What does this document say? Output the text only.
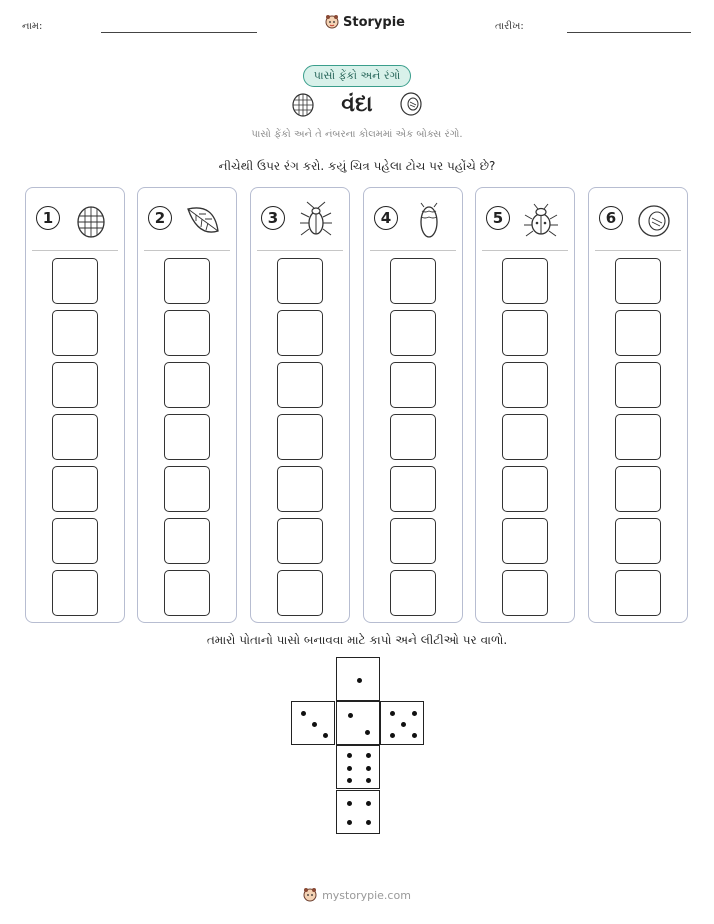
નામ:	Storypie	તારીખ:
પાસો ફેંકો અને રંગો
વંદા
પાસો ફેંકો અને તે નંબરના કોલમમાં એક બોક્સ રંગો.
નીચેથી ઉપર રંગ કરો. કયું ચિત્ર પહેલા ટોચ પર પહોંચે છે?
1	2	3	4	5	6
તમારો પોતાનો પાસો બનાવવા માટે કાપો અને લીટીઓ પર વાળો.
mystorypie.com
